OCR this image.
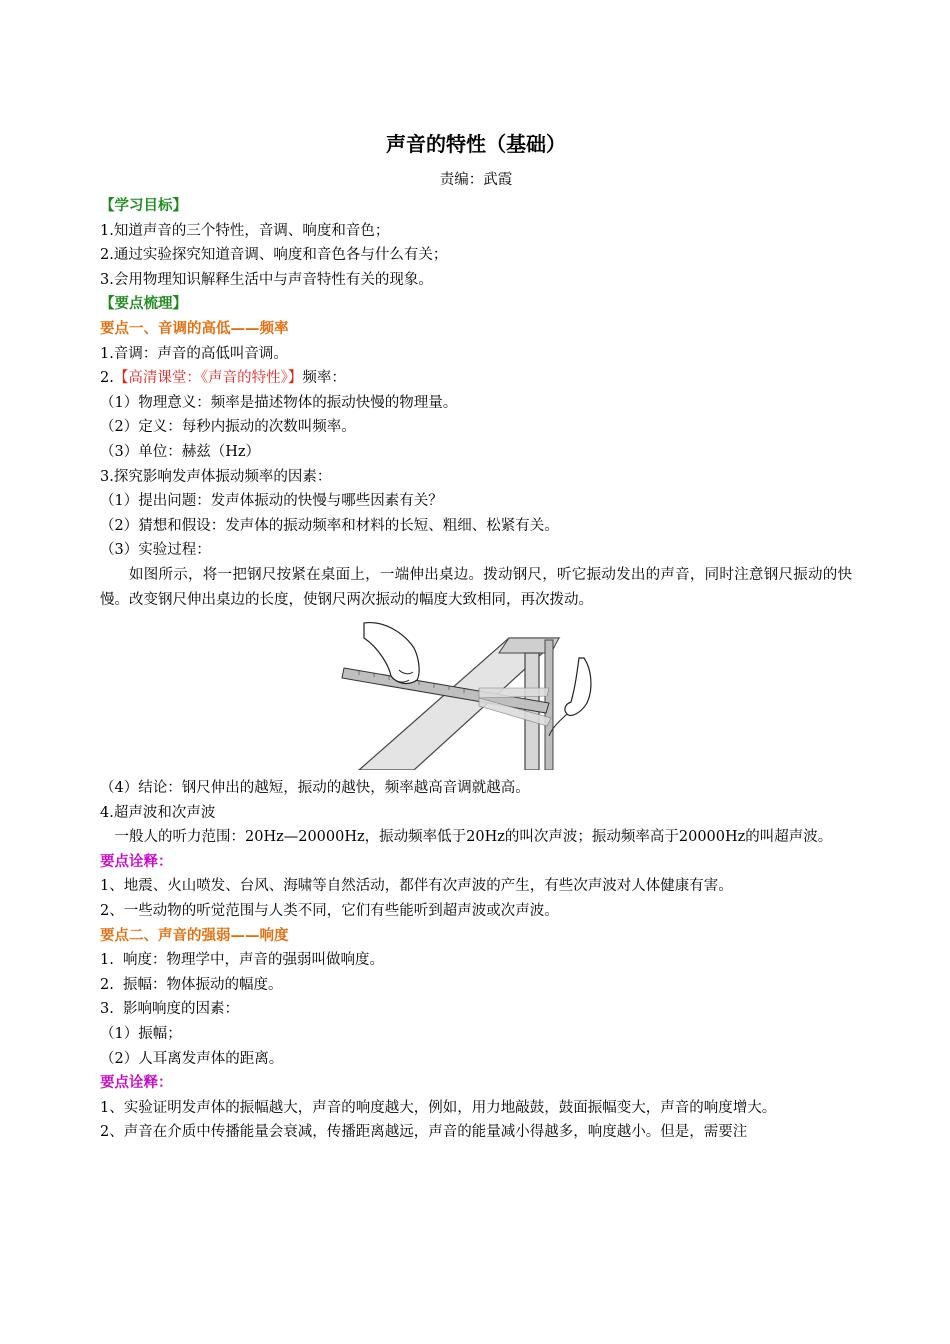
声音的特性（基础）
责编：武霞
【学习目标】
1.知道声音的三个特性，音调、响度和音色；
2.通过实验探究知道音调、响度和音色各与什么有关；
3.会用物理知识解释生活中与声音特性有关的现象。
【要点梳理】
要点一、音调的高低——频率
1.音调：声音的高低叫音调。
2.【高清课堂：《声音的特性》】频率：
（1）物理意义：频率是描述物体的振动快慢的物理量。
（2）定义：每秒内振动的次数叫频率。
（3）单位：赫兹（Hz）
3.探究影响发声体振动频率的因素：
（1）提出问题：发声体振动的快慢与哪些因素有关？
（2）猜想和假设：发声体的振动频率和材料的长短、粗细、松紧有关。
（3）实验过程：
如图所示，将一把钢尺按紧在桌面上，一端伸出桌边。拨动钢尺，听它振动发出的声音，同时注意钢尺振动的快慢。改变钢尺伸出桌边的长度，使钢尺两次振动的幅度大致相同，再次拨动。
（4）结论：钢尺伸出的越短，振动的越快，频率越高音调就越高。
4.超声波和次声波
一般人的听力范围：20Hz—20000Hz，振动频率低于20Hz的叫次声波；振动频率高于20000Hz的叫超声波。
要点诠释：
1、地震、火山喷发、台风、海啸等自然活动，都伴有次声波的产生，有些次声波对人体健康有害。
2、一些动物的听觉范围与人类不同，它们有些能听到超声波或次声波。
要点二、声音的强弱——响度
1.  响度：物理学中，声音的强弱叫做响度。
2.  振幅：物体振动的幅度。
3.  影响响度的因素：
（1）振幅；
（2）人耳离发声体的距离。
要点诠释：
1、实验证明发声体的振幅越大，声音的响度越大，例如，用力地敲鼓，鼓面振幅变大，声音的响度增大。
2、声音在介质中传播能量会衰减，传播距离越远，声音的能量减小得越多，响度越小。但是，需要注
